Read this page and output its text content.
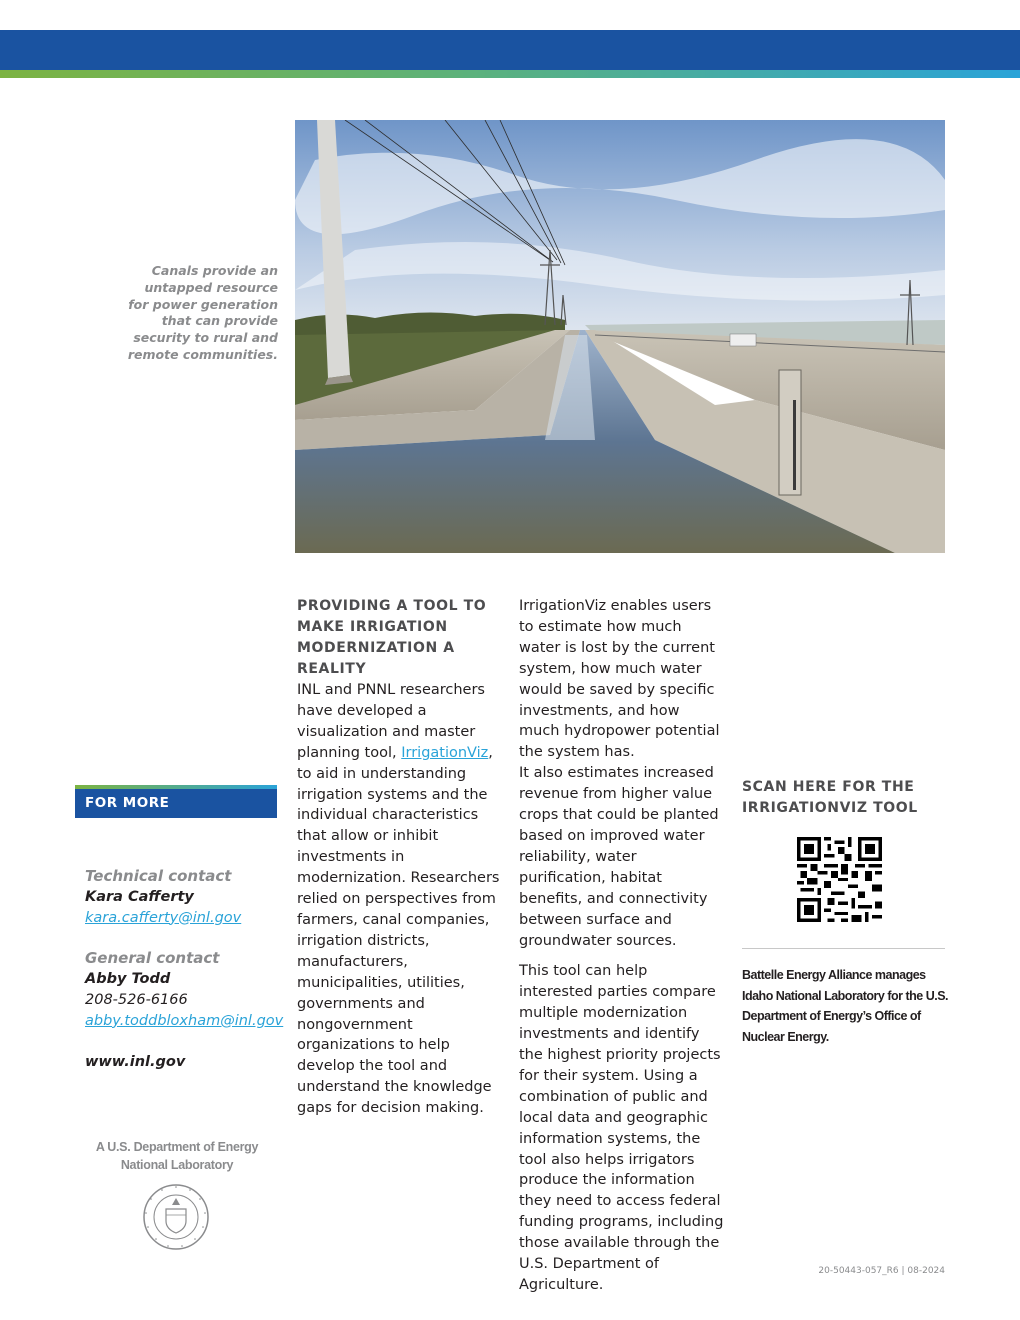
Canals provide an untapped resource for power generation that can provide security to rural and remote communities.

PROVIDING A TOOL TO MAKE IRRIGATION MODERNIZATION A REALITY

INL and PNNL researchers have developed a visualization and master planning tool, IrrigationViz, to aid in understanding irrigation systems and the individual characteristics that allow or inhibit investments in modernization. Researchers relied on perspectives from farmers, canal companies, irrigation districts, manufacturers, municipalities, utilities, governments and nongovernment organizations to help develop the tool and understand the knowledge gaps for decision making.

IrrigationViz enables users to estimate how much water is lost by the current system, how much water would be saved by specific investments, and how much hydropower potential the system has.

It also estimates increased revenue from higher value crops that could be planted based on improved water reliability, water purification, habitat benefits, and connectivity between surface and groundwater sources.

This tool can help interested parties compare multiple modernization investments and identify the highest priority projects for their system. Using a combination of public and local data and geographic information systems, the tool also helps irrigators produce the information they need to access federal funding programs, including those available through the U.S. Department of Agriculture.

SCAN HERE FOR THE IRRIGATIONVIZ TOOL

Battelle Energy Alliance manages Idaho National Laboratory for the U.S. Department of Energy’s Office of Nuclear Energy.
FOR MORE INFORMATION
Technical contact
Kara Cafferty
kara.cafferty@inl.gov
General contact
Abby Todd
208-526-6166
abby.toddbloxham@inl.gov
www.inl.gov
A U.S. Department of Energy
National Laboratory
20-50443-057_R6 | 08-2024
